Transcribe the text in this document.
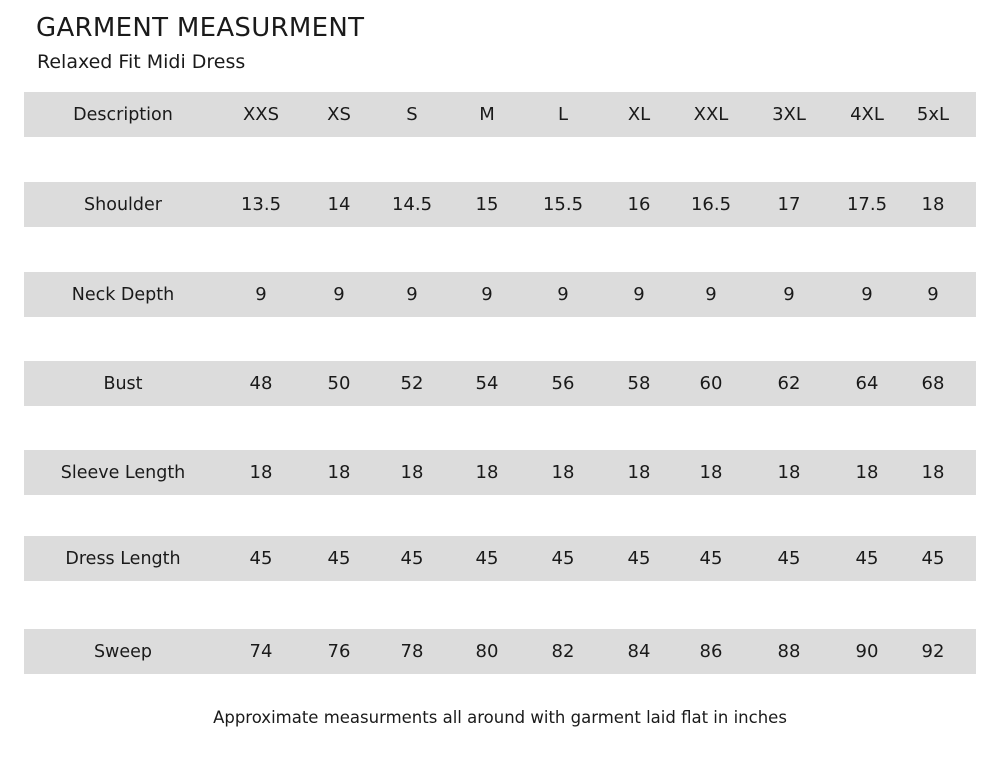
GARMENT MEASURMENT
Relaxed Fit Midi Dress
Description	XXS	XS	S	M	L	XL	XXL	3XL	4XL	5xL
Shoulder	13.5	14	14.5	15	15.5	16	16.5	17	17.5	18
Neck Depth	9	9	9	9	9	9	9	9	9	9
Bust	48	50	52	54	56	58	60	62	64	68
Sleeve Length	18	18	18	18	18	18	18	18	18	18
Dress Length	45	45	45	45	45	45	45	45	45	45
Sweep	74	76	78	80	82	84	86	88	90	92
Approximate measurments all around with garment laid flat in inches
